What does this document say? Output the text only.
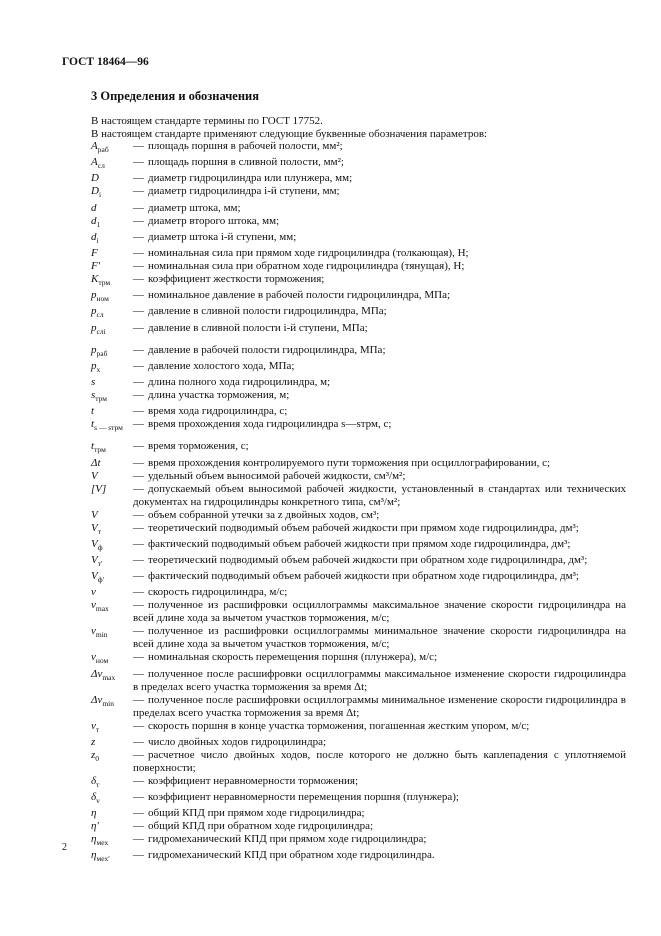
ГОСТ 18464—96
3 Определения и обозначения
В настоящем стандарте термины по ГОСТ 17752.
В настоящем стандарте применяют следующие буквенные обозначения параметров:
$A_{раб}$	— площадь поршня в рабочей полости, мм²;
$A_{сл}$	— площадь поршня в сливной полости, мм²;
D	— диаметр гидроцилиндра или плунжера, мм;
$D_i$	— диаметр гидроцилиндра i-й ступени, мм;
d	— диаметр штока, мм;
$d_1$	— диаметр второго штока, мм;
$d_i$	— диаметр штока i-й ступени, мм;
F	— номинальная сила при прямом ходе гидроцилиндра (толкающая), Н;
F′	— номинальная сила при обратном ходе гидроцилиндра (тянущая), Н;
$K_{трм}$	— коэффициент жесткости торможения;
$p_{ном}$	— номинальное давление в рабочей полости гидроцилиндра, МПа;
$p_{сл}$	— давление в сливной полости гидроцилиндра, МПа;
$p_{слi}$	— давление в сливной полости i-й ступени, МПа;
$p_{раб}$	— давление в рабочей полости гидроцилиндра, МПа;
$p_х$	— давление холостого хода, МПа;
s	— длина полного хода гидроцилиндра, м;
$s_{трм}$	— длина участка торможения, м;
t	— время хода гидроцилиндра, с;
$t_{s — sтрм}$ — время прохождения хода гидроцилиндра s—sтрм, с;
$t_{трм}$	— время торможения, с;
Δt	— время прохождения контролируемого пути торможения при осциллографировании, с;
V	— удельный объем выносимой рабочей жидкости, см³/м²;
[V]	— допускаемый объем выносимой рабочей жидкости, установленный в стандартах или технических документах на гидроцилиндры конкретного типа, см³/м²;
V	— объем собранной утечки за z двойных ходов, см³;
$V_т$	— теоретический подводимый объем рабочей жидкости при прямом ходе гидроцилиндра, дм³;
$V_ф$	— фактический подводимый объем рабочей жидкости при прямом ходе гидроцилиндра, дм³;
$V_{т'}$	— теоретический подводимый объем рабочей жидкости при обратном ходе гидроцилиндра, дм³;
$V_{ф'}$	— фактический подводимый объем рабочей жидкости при обратном ходе гидроцилиндра, дм³;
v	— скорость гидроцилиндра, м/с;
$v_{max}$	— полученное из расшифровки осциллограммы максимальное значение скорости гидроцилиндра на всей длине хода за вычетом участков торможения, м/с;
$v_{min}$	— полученное из расшифровки осциллограммы минимальное значение скорости гидроцилиндра на всей длине хода за вычетом участков торможения, м/с;
$v_{ном}$	— номинальная скорость перемещения поршня (плунжера), м/с;
$\Delta v_{max}$	— полученное после расшифровки осциллограммы максимальное изменение скорости гидроцилиндра в пределах всего участка торможения за время Δt;
$\Delta v_{min}$	— полученное после расшифровки осциллограммы минимальное изменение скорости гидроцилиндра в пределах всего участка торможения за время Δt;
$v_т$	— скорость поршня в конце участка торможения, погашенная жестким упором, м/с;
z	— число двойных ходов гидроцилиндра;
$z_0$	— расчетное число двойных ходов, после которого не должно быть каплепадения с уплотняемой поверхности;
$\delta_т$	— коэффициент неравномерности торможения;
$\delta_v$	— коэффициент неравномерности перемещения поршня (плунжера);
η	— общий КПД при прямом ходе гидроцилиндра;
η′	— общий КПД при обратном ходе гидроцилиндра;
$\eta_{мех}$	— гидромеханический КПД при прямом ходе гидроцилиндра;
$\eta_{мех'}$	— гидромеханический КПД при обратном ходе гидроцилиндра.
2
